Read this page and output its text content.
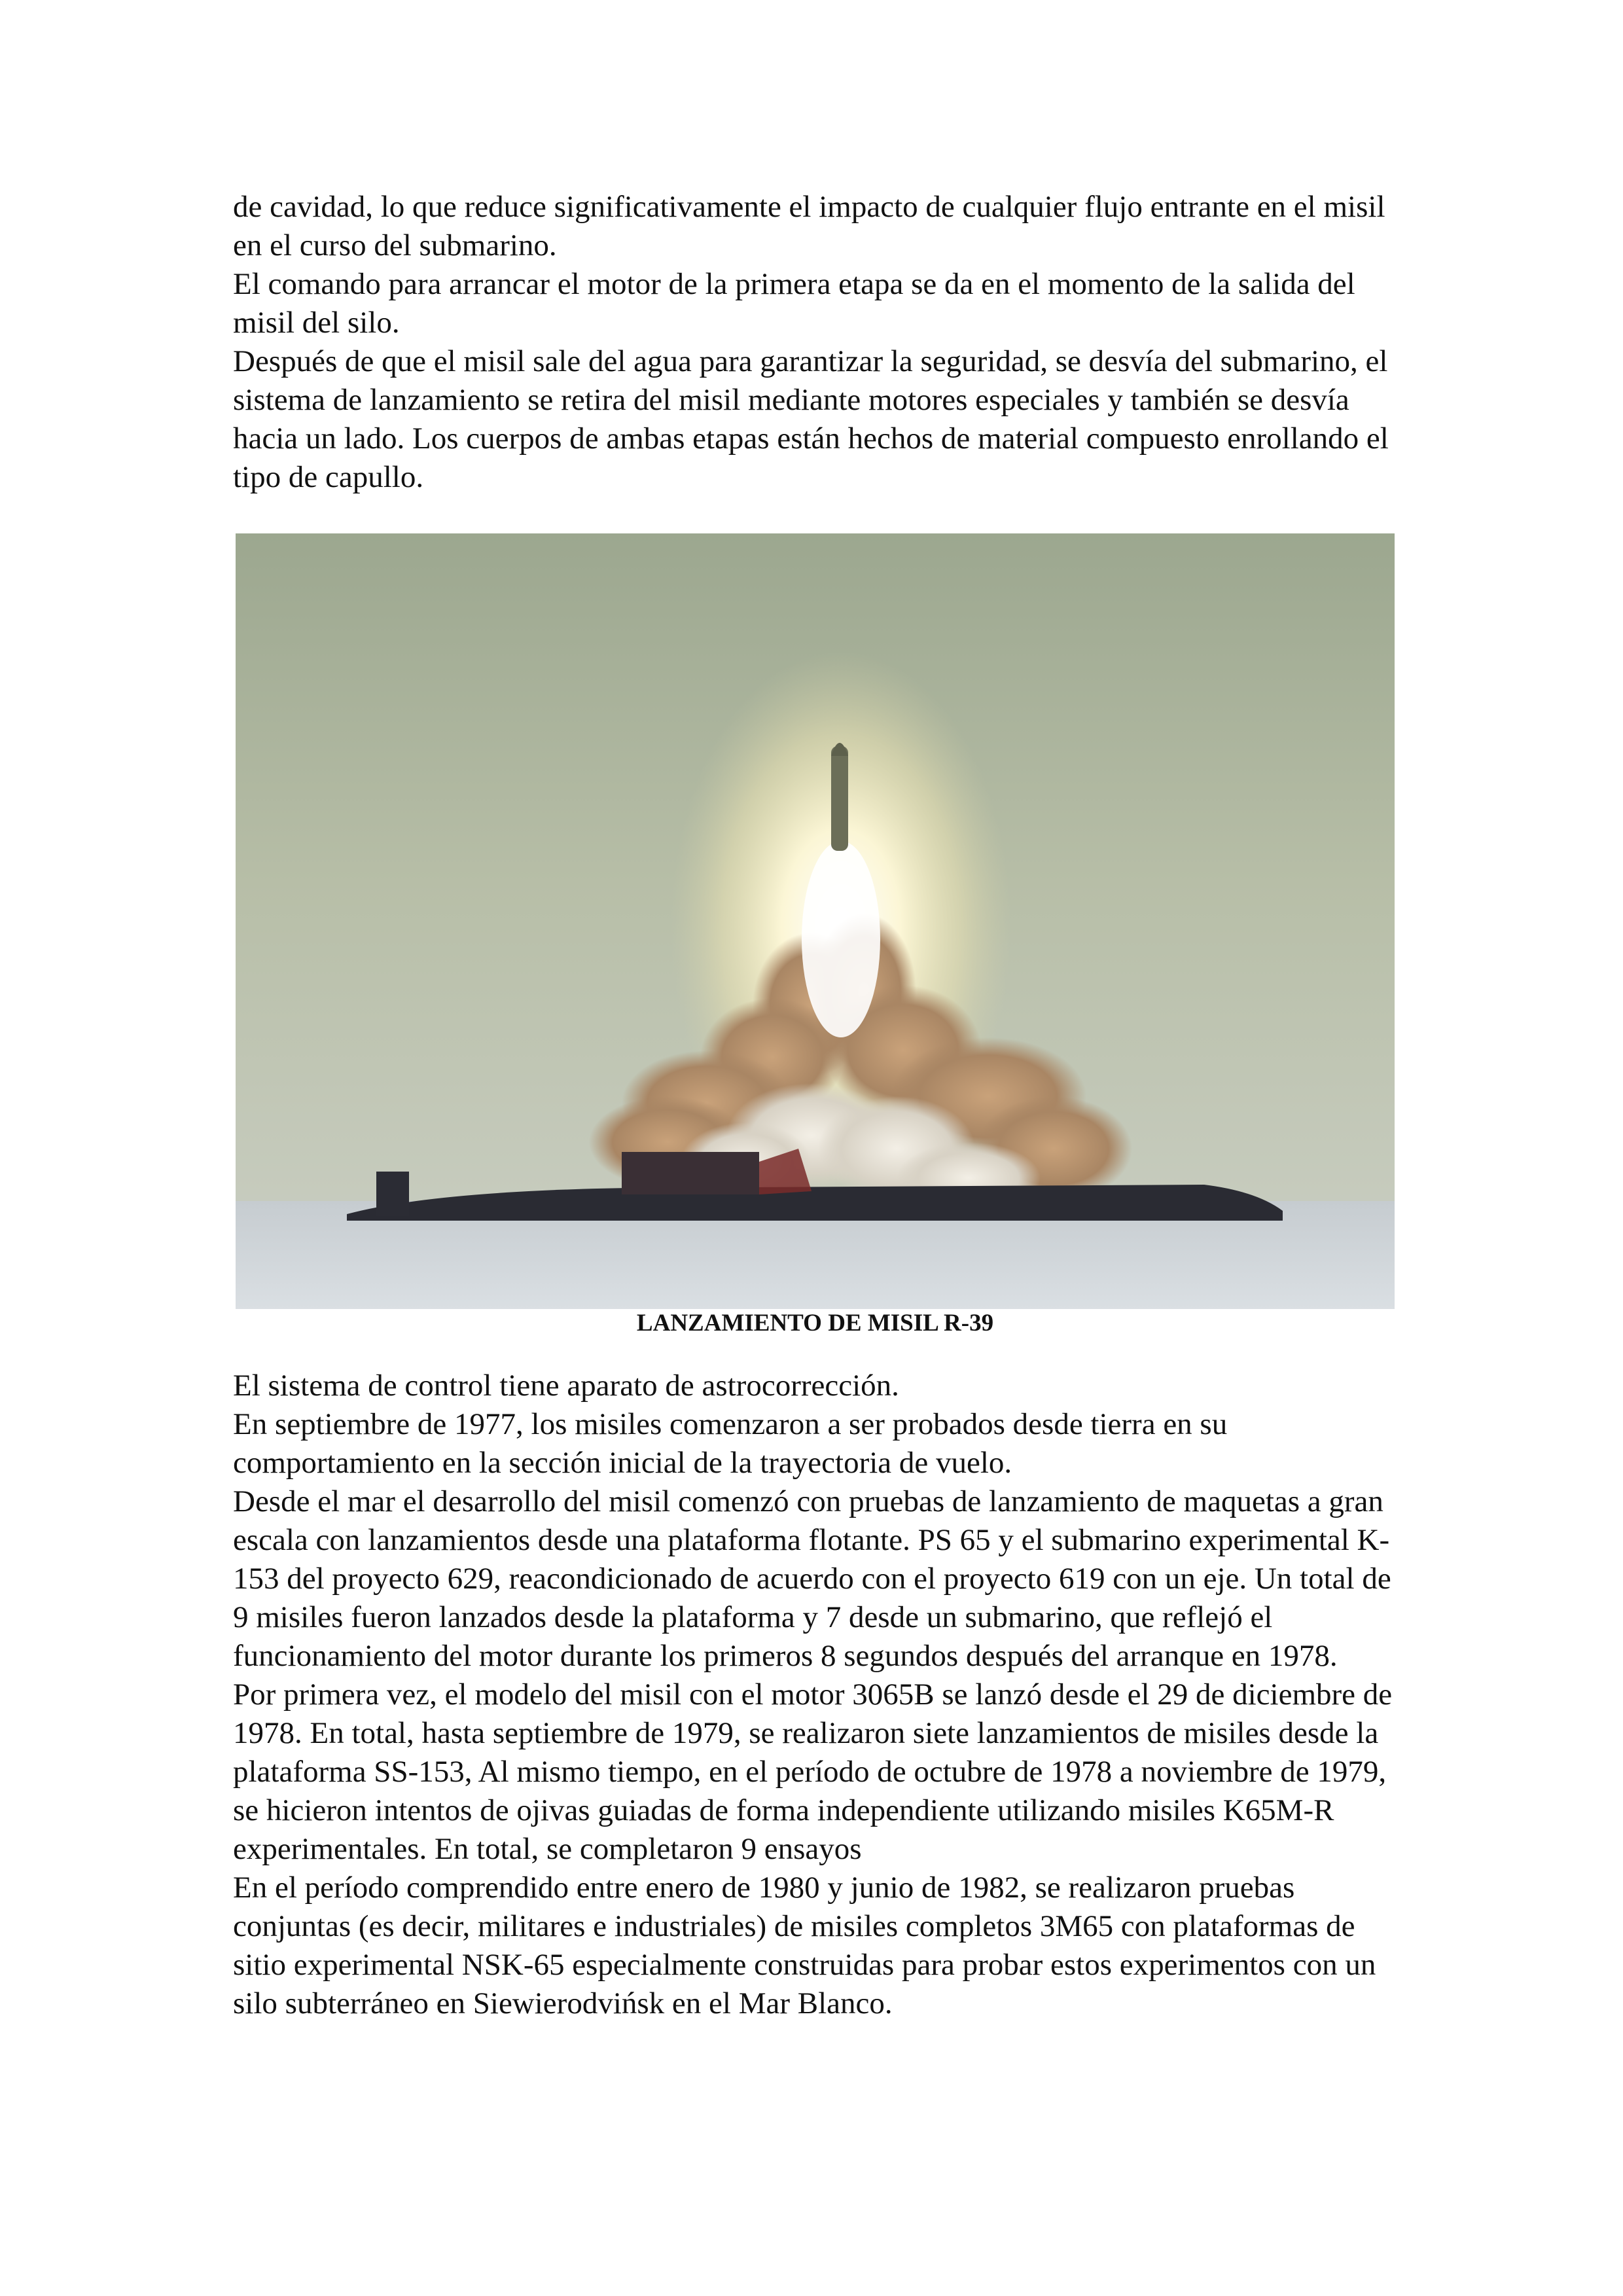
de cavidad, lo que reduce significativamente el impacto de cualquier flujo entrante en el misil en el curso del submarino.

El comando para arrancar el motor de la primera etapa se da en el momento de la salida del misil del silo.

Después de que el misil sale del agua para garantizar la seguridad, se desvía del submarino, el sistema de lanzamiento se retira del misil mediante motores especiales y también se desvía hacia un lado. Los cuerpos de ambas etapas están hechos de material compuesto enrollando el tipo de capullo.

LANZAMIENTO DE MISIL R-39

El sistema de control tiene aparato de astrocorrección.

En septiembre de 1977, los misiles comenzaron a ser probados desde tierra en su comportamiento en la sección inicial de la trayectoria de vuelo.

Desde el mar el desarrollo del misil comenzó con pruebas de lanzamiento de maquetas a gran escala con lanzamientos desde una plataforma flotante. PS 65 y el submarino experimental K-153 del proyecto 629, reacondicionado de acuerdo con el proyecto 619 con un eje. Un total de 9 misiles fueron lanzados desde la plataforma y 7 desde un submarino, que reflejó el funcionamiento del motor durante los primeros 8 segundos después del arranque en 1978.

Por primera vez, el modelo del misil con el motor 3065B se lanzó desde el 29 de diciembre de 1978. En total, hasta septiembre de 1979, se realizaron siete lanzamientos de misiles desde la plataforma SS-153, Al mismo tiempo, en el período de octubre de 1978 a noviembre de 1979, se hicieron intentos de ojivas guiadas de forma independiente utilizando misiles K65M-R experimentales. En total, se completaron 9 ensayos

En el período comprendido entre enero de 1980 y junio de 1982, se realizaron pruebas conjuntas (es decir, militares e industriales) de misiles completos 3M65 con plataformas de sitio experimental NSK-65 especialmente construidas para probar estos experimentos con un silo subterráneo en Siewierodvińsk en el Mar Blanco.
